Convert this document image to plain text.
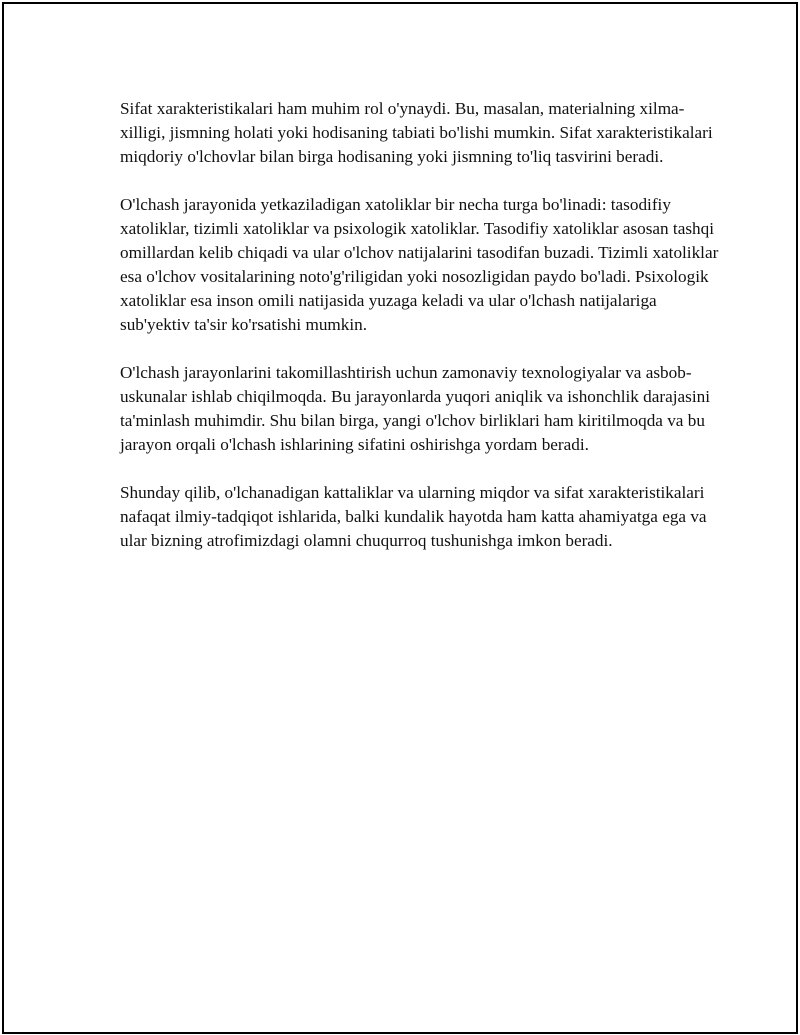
Sifat xarakteristikalari ham muhim rol o'ynaydi. Bu, masalan, materialning xilma-xilligi, jismning holati yoki hodisaning tabiati bo'lishi mumkin. Sifat xarakteristikalari miqdoriy o'lchovlar bilan birga hodisaning yoki jismning to'liq tasvirini beradi.

O'lchash jarayonida yetkaziladigan xatoliklar bir necha turga bo'linadi: tasodifiy xatoliklar, tizimli xatoliklar va psixologik xatoliklar. Tasodifiy xatoliklar asosan tashqi omillardan kelib chiqadi va ular o'lchov natijalarini tasodifan buzadi. Tizimli xatoliklar esa o'lchov vositalarining noto'g'riligidan yoki nosozligidan paydo bo'ladi. Psixologik xatoliklar esa inson omili natijasida yuzaga keladi va ular o'lchash natijalariga sub'yektiv ta'sir ko'rsatishi mumkin.

O'lchash jarayonlarini takomillashtirish uchun zamonaviy texnologiyalar va asbob-uskunalar ishlab chiqilmoqda. Bu jarayonlarda yuqori aniqlik va ishonchlik darajasini ta'minlash muhimdir. Shu bilan birga, yangi o'lchov birliklari ham kiritilmoqda va bu jarayon orqali o'lchash ishlarining sifatini oshirishga yordam beradi.

Shunday qilib, o'lchanadigan kattaliklar va ularning miqdor va sifat xarakteristikalari nafaqat ilmiy-tadqiqot ishlarida, balki kundalik hayotda ham katta ahamiyatga ega va ular bizning atrofimizdagi olamni chuqurroq tushunishga imkon beradi.
